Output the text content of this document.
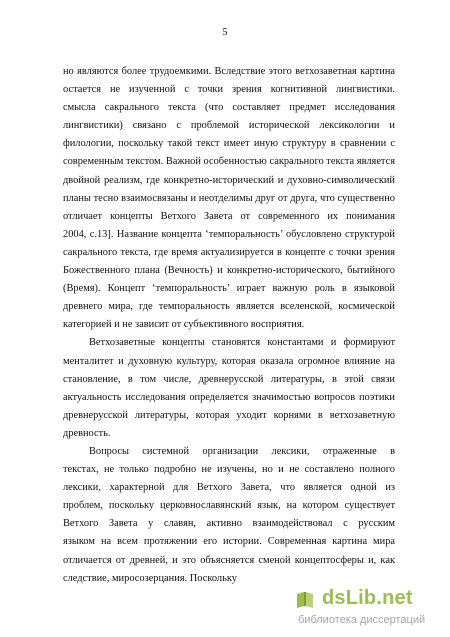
5
но являются более трудоемкими. Вследствие этого ветхозаветная картина
остается не изученной с точки зрения когнитивной лингвистики.
смысла сакрального текста (что составляет предмет исследования
лингвистики) связано с проблемой исторической лексикологии и
филологии, поскольку такой текст имеет иную структуру в сравнении с
современным текстом. Важной особенностью сакрального текста является
двойной реализм, где конкретно-исторический и духовно-символический
планы тесно взаимосвязаны и неотделимы друг от друга, что существенно
отличает концепты Ветхого Завета от современного их понимания
2004, с.13]. Название концепта ‘темпоральность’ обусловлено структурой
сакрального текста, где время актуализируется в концепте с точки зрения
Божественного плана (Вечность) и конкретно-исторического, бытийного
(Время). Концепт ‘темпоральность’ играет важную роль в языковой
древнего мира, где темпоральность является вселенской, космической
категорией и не зависит от субъективного восприятия.
Ветхозаветные концепты становятся константами и формируют
менталитет и духовную культуру, которая оказала огромное влияние на
становление, в том числе, древнерусской литературы, в этой связи
актуальность исследования определяется значимостью вопросов поэтики
древнерусской литературы, которая уходит корнями в ветхозаветную
древность.
Вопросы системной организации лексики, отраженные в
текстах, не только подробно не изучены, но и не составлено полного
лексики, характерной для Ветхого Завета, что является одной из
проблем, поскольку церковнославянский язык, на котором существует
Ветхого Завета у славян, активно взаимодействовал с русским
языком на всем протяжении его истории. Современная картина мира
отличается от древней, и это объясняется сменой концептосферы и, как
следствие, миросозерцания. Поскольку
dsLib.net
библиотека диссертаций
